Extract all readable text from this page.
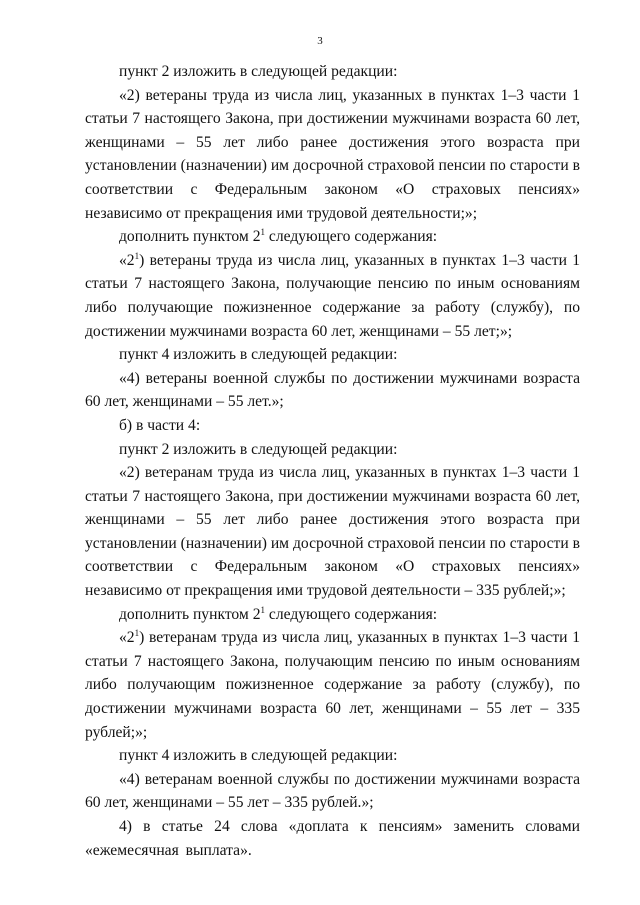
3

пункт 2 изложить в следующей редакции:

«2) ветераны труда из числа лиц, указанных в пунктах 1–3 части 1 статьи 7 настоящего Закона, при достижении мужчинами возраста 60 лет, женщинами – 55 лет либо ранее достижения этого возраста при установлении (назначении) им досрочной страховой пенсии по старости в соответствии с Федеральным законом «О страховых пенсиях» независимо от прекращения ими трудовой деятельности;»;

дополнить пунктом $2^1$ следующего содержания:

«$2^1$) ветераны труда из числа лиц, указанных в пунктах 1–3 части 1 статьи 7 настоящего Закона, получающие пенсию по иным основаниям либо получающие пожизненное содержание за работу (службу), по достижении мужчинами возраста 60 лет, женщинами – 55 лет;»;

пункт 4 изложить в следующей редакции:

«4) ветераны военной службы по достижении мужчинами возраста 60 лет, женщинами – 55 лет.»;

б) в части 4:

пункт 2 изложить в следующей редакции:

«2) ветеранам труда из числа лиц, указанных в пунктах 1–3 части 1 статьи 7 настоящего Закона, при достижении мужчинами возраста 60 лет, женщинами – 55 лет либо ранее достижения этого возраста при установлении (назначении) им досрочной страховой пенсии по старости в соответствии с Федеральным законом «О страховых пенсиях» независимо от прекращения ими трудовой деятельности – 335 рублей;»;

дополнить пунктом $2^1$ следующего содержания:

«$2^1$) ветеранам труда из числа лиц, указанных в пунктах 1–3 части 1 статьи 7 настоящего Закона, получающим пенсию по иным основаниям либо получающим пожизненное содержание за работу (службу), по достижении мужчинами возраста 60 лет, женщинами – 55 лет – 335 рублей;»;

пункт 4 изложить в следующей редакции:

«4) ветеранам военной службы по достижении мужчинами возраста 60 лет, женщинами – 55 лет – 335 рублей.»;

4) в статье 24 слова «доплата к пенсиям» заменить словами «ежемесячная выплата».
